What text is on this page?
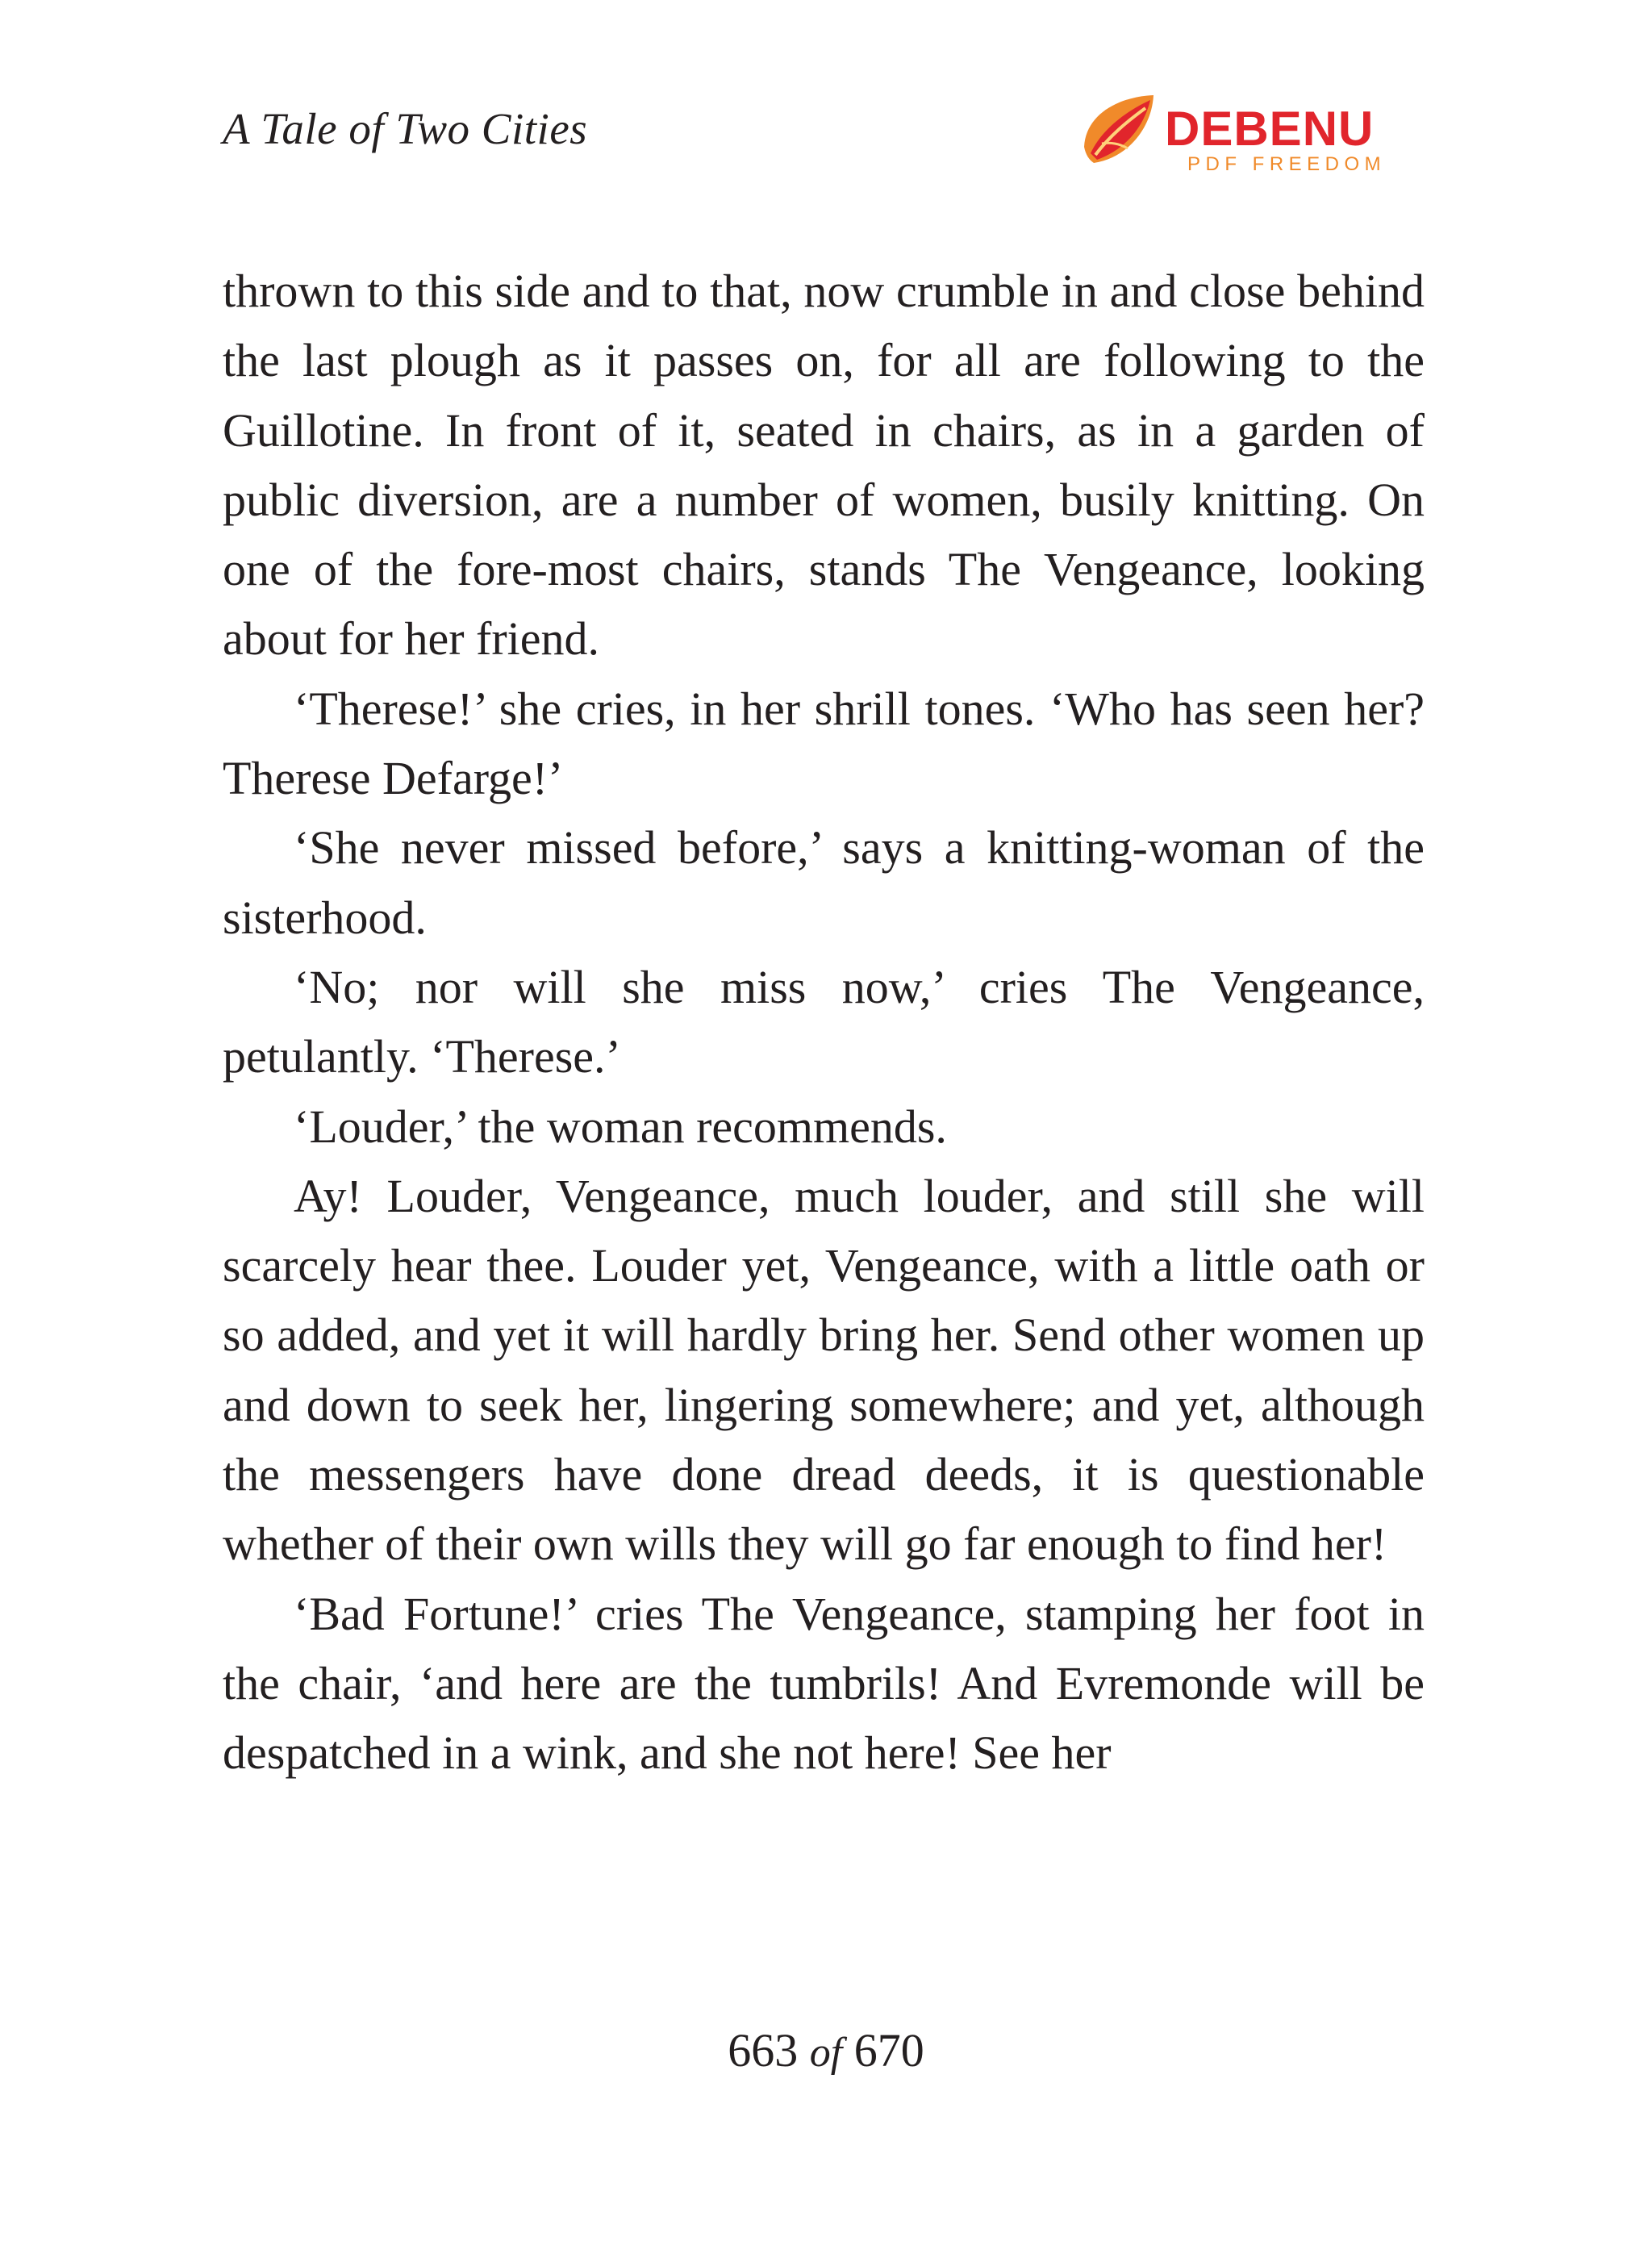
A Tale of Two Cities	DEBENU
PDF FREEDOM

thrown to this side and to that, now crumble in and close behind the last plough as it passes on, for all are following to the Guillotine. In front of it, seated in chairs, as in a garden of public diversion, are a number of women, busily knitting. On one of the fore-most chairs, stands The Vengeance, looking about for her friend.

‘Therese!’ she cries, in her shrill tones. ‘Who has seen her? Therese Defarge!’

‘She never missed before,’ says a knitting-woman of the sisterhood.

‘No; nor will she miss now,’ cries The Vengeance, petulantly. ‘Therese.’

‘Louder,’ the woman recommends.

Ay! Louder, Vengeance, much louder, and still she will scarcely hear thee. Louder yet, Vengeance, with a little oath or so added, and yet it will hardly bring her. Send other women up and down to seek her, lingering somewhere; and yet, although the messengers have done dread deeds, it is questionable whether of their own wills they will go far enough to find her!

‘Bad Fortune!’ cries The Vengeance, stamping her foot in the chair, ‘and here are the tumbrils! And Evremonde will be despatched in a wink, and she not here! See her

663 of 670
